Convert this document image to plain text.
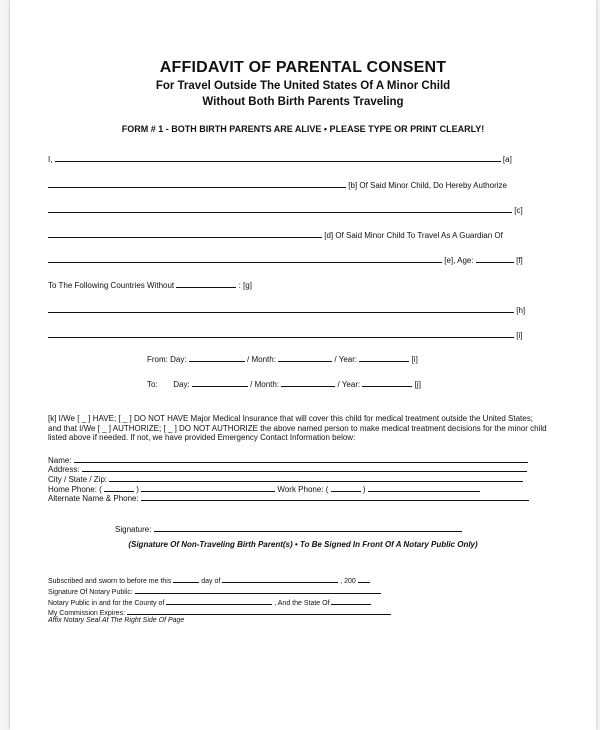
AFFIDAVIT OF PARENTAL CONSENT
For Travel Outside The United States Of A Minor Child
Without Both Birth Parents Traveling
FORM # 1 - BOTH BIRTH PARENTS ARE ALIVE • PLEASE TYPE OR PRINT CLEARLY!
I,	[a]
[b] Of Said Minor Child, Do Hereby Authorize
[c]
[d] Of Said Minor Child To Travel As A Guardian Of
[e], Age:	[f]
To The Following Countries Without	: [g]
[h]
[i]
From: Day:	/ Month:	/ Year:	[i]
To: Day:	/ Month:	/ Year:	[j]
[k] I/We [ _ ] HAVE; [ _ ] DO NOT HAVE Major Medical Insurance that will cover this child for medical treatment outside the United States; and that I/We [ _ ] AUTHORIZE; [ _ ] DO NOT AUTHORIZE the above named person to make medical treatment decisions for the minor child listed above if needed. If not, we have provided Emergency Contact Information below:
Name:
Address:
City / State / Zip:
Home Phone: (	)	Work Phone: (	)
Alternate Name & Phone:
Signature:
(Signature Of Non-Traveling Birth Parent(s) • To Be Signed In Front Of A Notary Public Only)
Subscribed and sworn to before me this	day of	, 200
Signature Of Notary Public:
Notary Public in and for the County of	, And the State Of
My Commission Expires:
Affix Notary Seal At The Right Side Of Page
